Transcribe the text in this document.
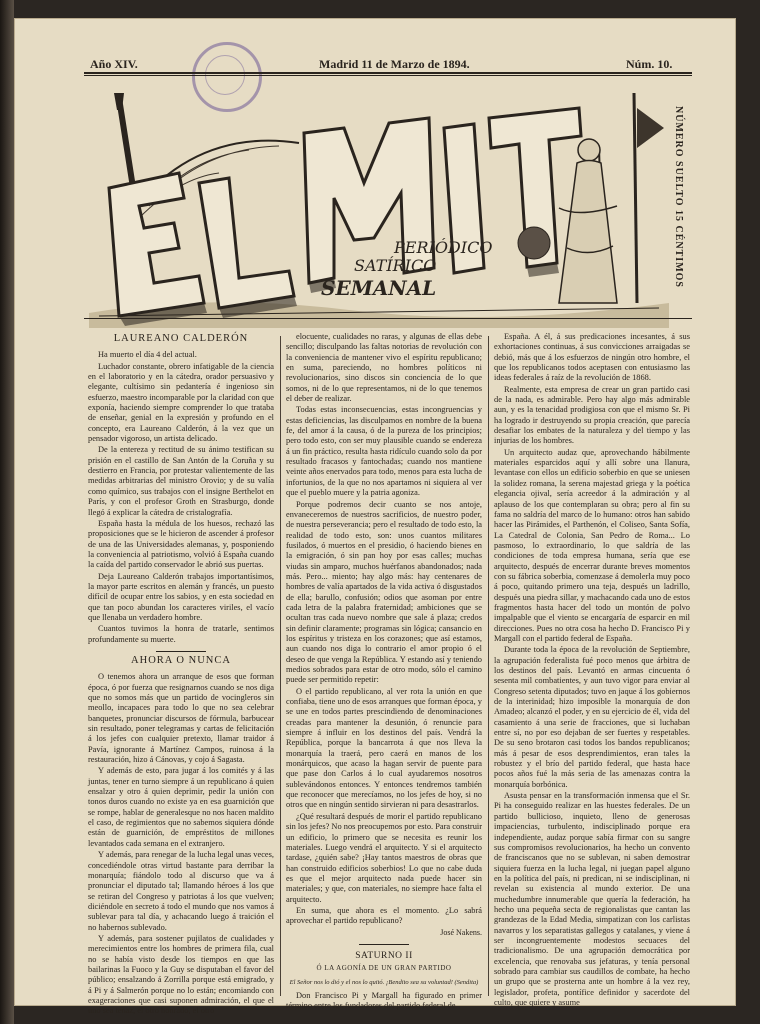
Año XIV.	Madrid 11 de Marzo de 1894.	Núm. 10.
PERIÓDICO
SATÍRICO
SEMANAL
EL MOTIN	NÚMERO SUELTO 15 CÉNTIMOS
LAUREANO CALDERÓN

Ha muerto el día 4 del actual.

Luchador constante, obrero infatigable de la ciencia en el laboratorio y en la cátedra, orador persuasivo y elegante, cultísimo sin pedantería é ingenioso sin esfuerzo, maestro incomparable por la claridad con que exponía, haciendo siempre comprender lo que trataba de enseñar, genial en la expresión y profundo en el concepto, era Laureano Calderón, á la vez que un pensador vigoroso, un artista delicado.

De la entereza y rectitud de su ánimo testifican su prisión en el castillo de San Antón de la Coruña y su destierro en Francia, por protestar valientemente de las medidas arbitrarias del ministro Orovio; y de su valía como químico, sus trabajos con el insigne Berthelot en París, y con el profesor Groth en Strasburgo, donde llegó á explicar la cátedra de cristalografía.

España hasta la médula de los huesos, rechazó las proposiciones que se le hicieron de ascender á profesor de una de las Universidades alemanas, y, posponiendo la conveniencia al patriotismo, volvió á España cuando la caída del partido conservador le abrió sus puertas.

Deja Laureano Calderón trabajos importantísimos, la mayor parte escritos en alemán y francés, un puesto difícil de ocupar entre los sabios, y en esta sociedad en que tan poco abundan los caracteres viriles, el vacío que llenaba un verdadero hombre.

Cuantos tuvimos la honra de tratarle, sentimos profundamente su muerte.

AHORA O NUNCA

O tenemos ahora un arranque de esos que forman época, ó por fuerza que resignarnos cuando se nos diga que no somos más que un partido de vocingleros sin meollo, incapaces para todo lo que no sea celebrar banquetes, pronunciar discursos de fórmula, barbucear sin resultado, poner telegramas y cartas de felicitación á los jefes con cualquier pretexto, llamar traidor á Pavía, ignorante á Martínez Campos, ruinosa á la restauración, hizo á Cánovas, y cojo á Sagasta.

Y además de esto, para jugar á los comités y á las juntas, tener en turno siempre á un republicano á quien ensalzar y otro á quien deprimir, pedir la unión con tonos duros cuando no existe ya en esa guarnición que se rompe, hablar de generalesque no nos hacen maldito el caso, de regimientos que no sabemos siquiera dónde están de guarnición, de empréstitos de millones levantados cada semana en el extranjero.

Y además, para renegar de la lucha legal unas veces, concediéndole otras virtud bastante para derribar la monarquía; fiándolo todo al discurso que va á pronunciar el diputado tal; llamando héroes á los que se retiran del Congreso y patriotas á los que vuelven; diciéndole en secreto á todo el mundo que nos vamos á sublevar para tal día, y achacando luego á traición el no habernos sublevado.

Y además, para sostener pujilatos de cualidades y merecimientos entre los hombres de primera fila, cual no se había visto desde los tiempos en que las bailarinas la Fuoco y la Guy se disputaban el favor del público; ensalzando á Zorrilla porque está emigrado, y á Pi y á Salmerón porque no lo están; encomiando con exageraciones que casi suponen admiración, el que el uno sea tenaz, el otro honrado, el otro

elocuente, cualidades no raras, y algunas de ellas debe sencillo; disculpando las faltas notorias de revolución con la conveniencia de mantener vivo el espíritu republicano; en suma, pareciendo, no hombres políticos ni revolucionarios, sino discos sin conciencia de lo que somos, ni de lo que representamos, ni de lo que tenemos el deber de realizar.

Todas estas inconsecuencias, estas incongruencias y estas deficiencias, las disculpamos en nombre de la buena fe, del amor á la causa, ó de la pureza de los principios; pero todo esto, con ser muy plausible cuando se endereza á un fin práctico, resulta hasta ridículo cuando solo da por resultado fracasos y fantochadas; cuando nos mantiene veinte años enervados para todo, menos para esta lucha de infortunios, de la que no nos apartamos ni siquiera al ver que el pueblo muere y la patria agoniza.

Porque podremos decir cuanto se nos antoje, envaneceremos de nuestros sacrificios, de nuestro poder, de nuestra perseverancia; pero el resultado de todo esto, la realidad de todo esto, son: unos cuantos militares fusilados, ó muertos en el presidio, ó haciendo bienes en la emigración, ó sin pan hoy por esas calles; muchas viudas sin amparo, muchos huérfanos abandonados; nada más. Pero... miento; hay algo más: hay centenares de hombres de valía apartados de la vida activa ó disgustados de ella; barullo, confusión; odios que asoman por entre cada letra de la palabra fraternidad; ambiciones que se ocultan tras cada nuevo nombre que sale á plaza; credos sin definir claramente; programas sin lógica; cansancio en los espíritus y tristeza en los corazones; que así estamos, aun cuando nos diga lo contrario el amor propio ó el deseo de que venga la República. Y estando así y teniendo medios sobrados para estar de otro modo, sólo el camino puede ser permitido repetir:

O el partido republicano, al ver rota la unión en que confiaba, tiene uno de esos arranques que forman época, y se une en todos partes prescindiendo de denominaciones creadas para mantener la desunión, ó renuncie para siempre á influir en los destinos del país. Vendrá la República, porque la bancarrota á que nos lleva la monarquía la traerá, pero caerá en manos de los monárquicos, que acaso la hagan servir de puente para que pase don Carlos á lo cual ayudaremos nosotros sublevándonos entonces. Y entonces tendremos también que reconocer que merecíamos, no los jefes de hoy, si no otros que en ningún sentido sirvieran ni para desastrarlos.

¿Qué resultará después de morir el partido republicano sin los jefes? No nos preocupemos por esto. Para construir un edificio, lo primero que se necesita es reunir los materiales. Luego vendrá el arquitecto. Y si el arquitecto tardase, ¿quién sabe? ¡Hay tantos maestros de obras que han construido edificios soberbios! Lo que no cabe duda es que el mejor arquitecto nada puede hacer sin materiales; y que, con materiales, no siempre hace falta el arquitecto.

En suma, que ahora es el momento. ¿Lo sabrá aprovechar el partido republicano?

José Nakens.
SATURNO II
Ó LA AGONÍA DE UN GRAN PARTIDO
El Señor nos lo dió y el nos lo quitó. ¡Bendito sea su voluntad! (Sendita)

Don Francisco Pi y Margall ha figurado en primer término entre los fundadores del partido federal de

España. A él, á sus predicaciones incesantes, á sus exhortaciones continuas, á sus convicciones arraigadas se debió, más que á los esfuerzos de ningún otro hombre, el que los republicanos todos aceptasen con entusiasmo las ideas federales á raíz de la revolución de 1868.

Realmente, esta empresa de crear un gran partido casi de la nada, es admirable. Pero hay algo más admirable aun, y es la tenacidad prodigiosa con que el mismo Sr. Pi ha logrado ir destruyendo su propia creación, que parecía desafiar los embates de la naturaleza y del tiempo y las injurias de los hombres.

Un arquitecto audaz que, aprovechando hábilmente materiales esparcidos aquí y allí sobre una llanura, levantase con ellos un edificio soberbio en que se uniesen la solidez romana, la serena majestad griega y la poética elegancia ojival, sería acreedor á la admiración y al aplauso de los que contemplaran su obra; pero al fin su fama no saldría del marco de lo humano: otros han sabido hacer las Pirámides, el Parthenón, el Coliseo, Santa Sofía, La Catedral de Colonia, San Pedro de Roma... Lo pasmoso, lo extraordinario, lo que saldría de las condiciones de toda empresa humana, sería que ese arquitecto, después de encerrar durante breves momentos con su fábrica soberbia, comenzase á demolerla muy poco á poco, quitando primero una teja, después un ladrillo, después una piedra sillar, y machacando cada uno de estos fragmentos hasta hacer del todo un montón de polvo impalpable que el viento se encargaría de esparcir en mil direcciones. Pues no otra cosa ha hecho D. Francisco Pi y Margall con el partido federal de España.

Durante toda la época de la revolución de Septiembre, la agrupación federalista fué poco menos que árbitra de los destinos del país. Levantó en armas cincuenta ó sesenta mil combatientes, y aun tuvo vigor para enviar al Congreso setenta diputados; tuvo en jaque á los gobiernos de la interinidad; hizo imposible la monarquía de don Amadeo; alcanzó el poder, y en su ejercicio de él, vida del casamiento á una serie de fracciones, que si luchaban entre sí, no por eso dejaban de ser fuertes y respetables. De su seno brotaron casi todos los bandos republicanos; más á pesar de esos desprendimientos, eran tales la robustez y el brío del partido federal, que hasta hace pocos años fué la más seria de las amenazas contra la monarquía borbónica.

Asusta pensar en la transformación inmensa que el Sr. Pi ha conseguido realizar en las huestes federales. De un partido bullicioso, inquieto, lleno de generosas impaciencias, turbulento, indisciplinado porque era independiente, audaz porque sabía firmar con su sangre sus compromisos revolucionarios, ha hecho un convento de franciscanos que no se sublevan, ni saben demostrar siquiera fuerza en la lucha legal, ni juegan papel alguno en la política del país, ni predican, ni se indisciplinan, ni revelan su existencia al mundo exterior. De una muchedumbre innumerable que quería la federación, ha hecho una pequeña secta de regionalistas que cantan las grandezas de la Edad Media, simpatizan con los carlistas navarros y los separatistas gallegos y catalanes, y viene á ser incongruentemente modestos secuaces del tradicionalismo. De una agrupación democrática por excelencia, que renovaba sus jefaturas, y tenía personal sobrado para cambiar sus caudillos de combate, ha hecho un grupo que se prosterna ante un hombre á la vez rey, legislador, profeta, pontífice definidor y sacerdote del culto, que quiere y asume
